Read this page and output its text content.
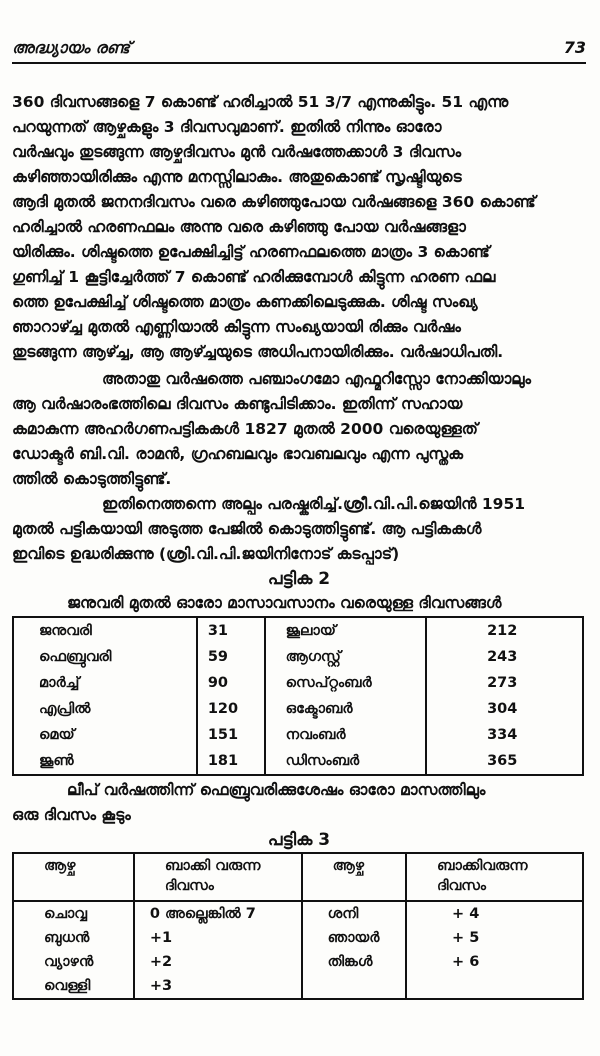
അദ്ധ്യായം രണ്ട്	73
360 ദിവസങ്ങളെ 7 കൊണ്ട് ഹരിച്ചാൽ 51 3/7 എന്നുകിട്ടും. 51 എന്നു
പറയുന്നത് ആഴ്ചകളും 3 ദിവസവുമാണ്. ഇതിൽ നിന്നും ഓരോ
വർഷവും തുടങ്ങുന്ന ആഴ്ചദിവസം മുൻ വർഷത്തേക്കാൾ 3 ദിവസം
കഴിഞ്ഞായിരിക്കും എന്നു മനസ്സിലാകും. അതുകൊണ്ട് സൃഷ്ടിയുടെ
ആദി മുതൽ ജനനദിവസം വരെ കഴിഞ്ഞുപോയ വർഷങ്ങളെ 360 കൊണ്ട്
ഹരിച്ചാൽ ഹരണഫലം അന്നു വരെ കഴിഞ്ഞു പോയ വർഷങ്ങളാ
യിരിക്കും. ശിഷ്ടത്തെ ഉപേക്ഷിച്ചിട്ട് ഹരണഫലത്തെ മാത്രം 3 കൊണ്ട്
ഗുണിച്ച് 1 കൂട്ടിച്ചേർത്ത് 7 കൊണ്ട് ഹരിക്കുമ്പോൾ കിട്ടുന്ന ഹരണ ഫല
ത്തെ ഉപേക്ഷിച്ച് ശിഷ്ടത്തെ മാത്രം കണക്കിലെടുക്കുക. ശിഷ്ട സംഖ്യ
ഞാറാഴ്ച്ച മുതൽ എണ്ണിയാൽ കിട്ടുന്ന സംഖ്യയായി രിക്കും വർഷം
തുടങ്ങുന്ന ആഴ്ച്ച, ആ ആഴ്ച്ചയുടെ അധിപനായിരിക്കും. വർഷാധിപതി.
അതാതു വർഷത്തെ പഞ്ചാംഗമോ എഫ്മറിസ്സോ നോക്കിയാലും
ആ വർഷാരംഭത്തിലെ ദിവസം കണ്ടുപിടിക്കാം. ഇതിന്ന് സഹായ
കമാകുന്ന അഹർഗണപട്ടികകൾ 1827 മുതൽ 2000 വരെയുള്ളത്
ഡോക്ടർ ബി.വി. രാമൻ, ഗ്രഹബലവും ഭാവബലവും എന്ന പുസ്തക
ത്തിൽ കൊടുത്തിട്ടുണ്ട്.
ഇതിനെത്തന്നെ അല്പം പരഷ്കരിച്ച്.ശ്രീ.വി.പി.ജെയിൻ 1951
മുതൽ പട്ടികയായി അടുത്ത പേജിൽ കൊടുത്തിട്ടുണ്ട്. ആ പട്ടികകൾ
ഇവിടെ ഉദ്ധരിക്കുന്നു (ശ്രി.വി.പി.ജയിനിനോട് കടപ്പാട്)
പട്ടിക 2
ജനുവരി മുതൽ ഓരോ മാസാവസാനം വരെയുള്ള ദിവസങ്ങൾ
ജനുവരി	31	ജൂലായ്	212
ഫെബ്രുവരി	59	ആഗസ്റ്റ്	243
മാർച്ച്	90	സെപ്റ്റംബർ	273
എപ്രിൽ	120	ഒക്ടോബർ	304
മെയ്	151	നവംബർ	334
ജൂൺ	181	ഡിസംബർ	365
ലീപ് വർഷത്തിന്ന് ഫെബ്രുവരിക്കുശേഷം ഓരോ മാസത്തിലും
ഒരു ദിവസം കൂടും
പട്ടിക 3
ആഴ്ച	ബാക്കി വരുന്ന ദിവസം	ആഴ്ച	ബാക്കിവരുന്ന ദിവസം
ചൊവ്വ	0 അല്ലെങ്കിൽ 7	ശനി	+ 4
ബുധൻ	+1	ഞായർ	+ 5
വ്യാഴൻ	+2	തിങ്കൾ	+ 6
വെള്ളി	+3		
